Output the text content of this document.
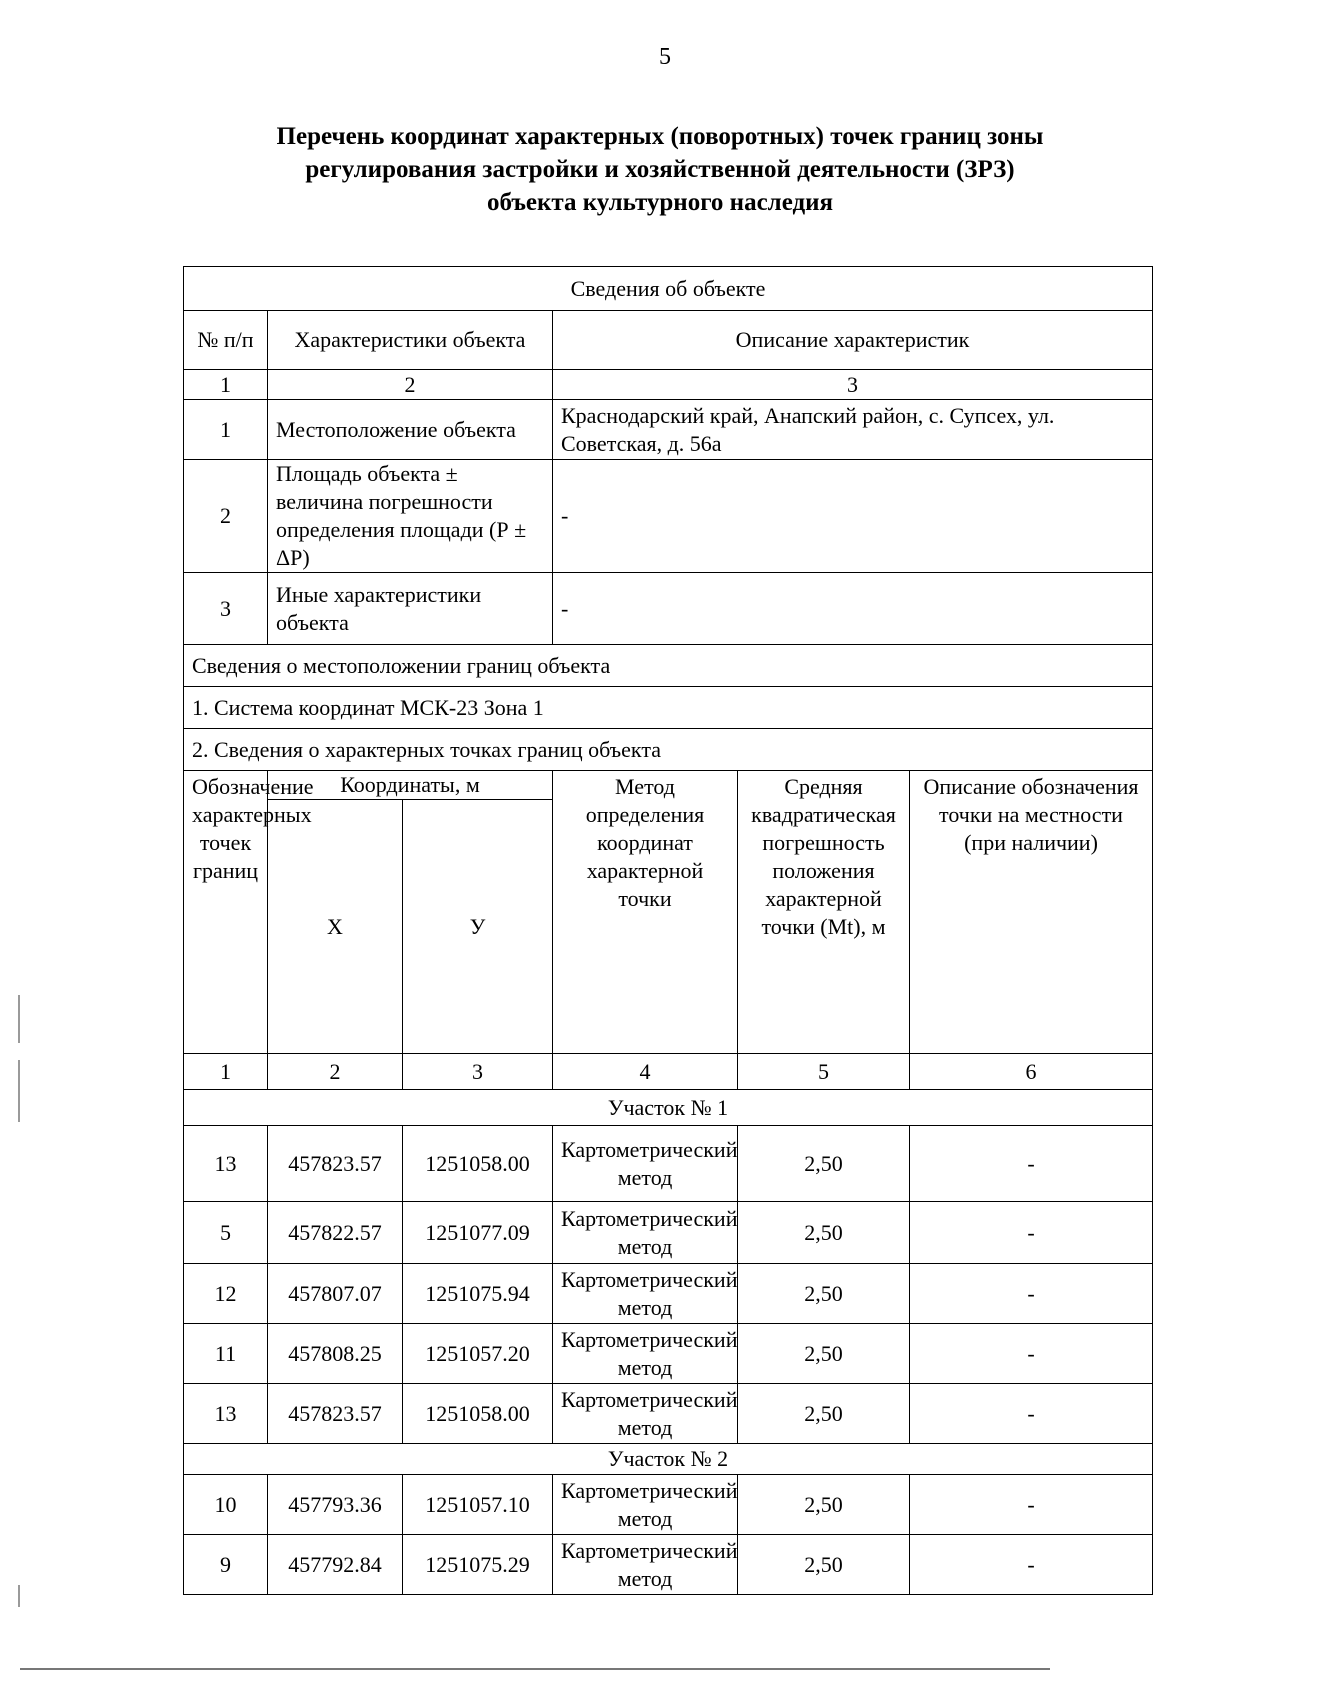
5
Перечень координат характерных (поворотных) точек границ зоны
регулирования застройки и хозяйственной деятельности (ЗРЗ)
объекта культурного наследия
Сведения об объекте					
№ п/п	Характеристики объекта		Описание характеристик		
1	2		3		
1	Местоположение объекта		Краснодарский край, Анапский район, с. Супсех, ул. Советская, д. 56а		
2	Площадь объекта ± величина погрешности определения площади (Р ± ΔР)		-		
3	Иные характеристики объекта		-		
Сведения о местоположении границ объекта					
1. Система координат МСК-23 Зона 1					
2. Сведения о характерных точках границ объекта					
Обозначение характерных точек границ	Координаты, м		Метод определения координат характерной точки	Средняя квадратическая погрешность положения характерной точки (Mt), м	Описание обозначения точки на местности (при наличии)
	Х	У			
1	2	3	4	5	6
Участок № 1					
13	457823.57	1251058.00	Картометрический метод	2,50	-
5	457822.57	1251077.09	Картометрический метод	2,50	-
12	457807.07	1251075.94	Картометрический метод	2,50	-
11	457808.25	1251057.20	Картометрический метод	2,50	-
13	457823.57	1251058.00	Картометрический метод	2,50	-
Участок № 2					
10	457793.36	1251057.10	Картометрический метод	2,50	-
9	457792.84	1251075.29	Картометрический метод	2,50	-
